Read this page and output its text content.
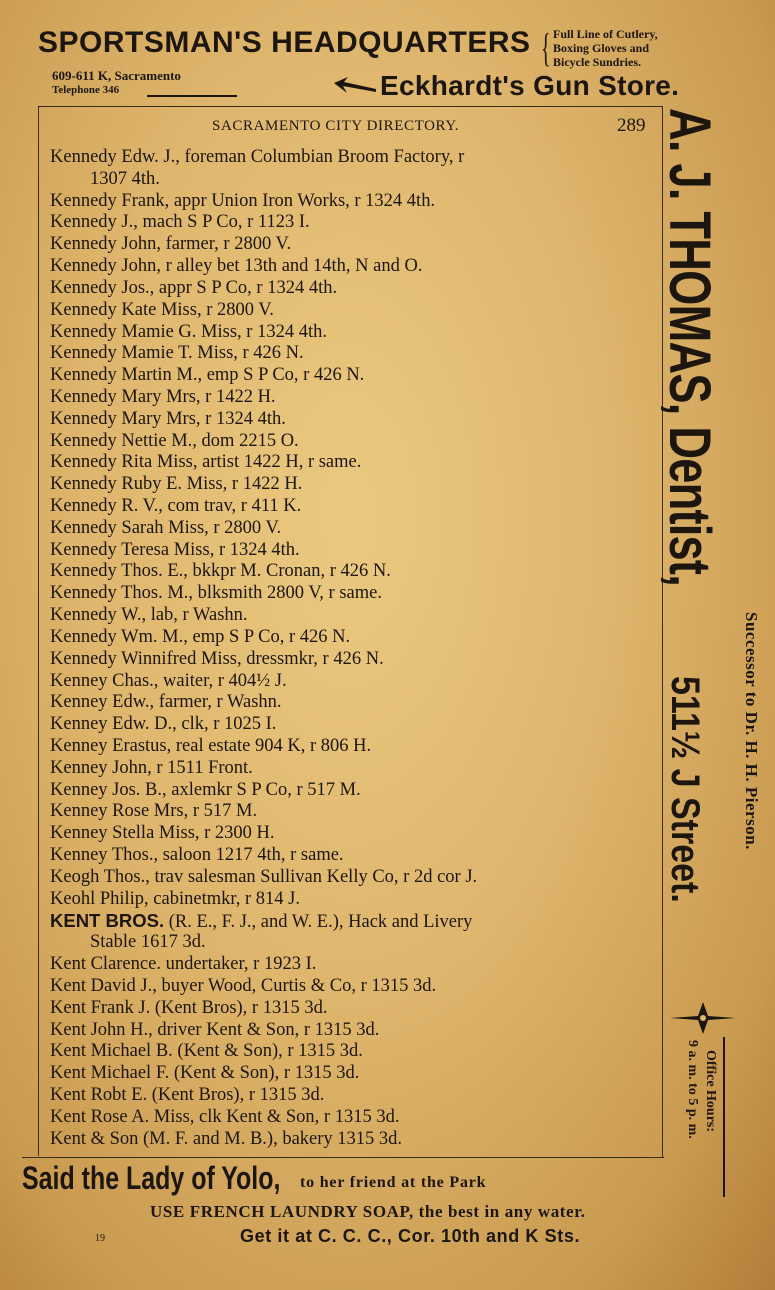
SPORTSMAN'S HEADQUARTERS { Full Line of Cutlery,
Boxing Gloves and
Bicycle Sundries.
609-611 K, Sacramento
Telephone 346	Eckhardt's Gun Store.
SACRAMENTO CITY DIRECTORY.	289
Kennedy Edw. J., foreman Columbian Broom Factory, r
1307 4th.
Kennedy Frank, appr Union Iron Works, r 1324 4th.
Kennedy J., mach S P Co, r 1123 I.
Kennedy John, farmer, r 2800 V.
Kennedy John, r alley bet 13th and 14th, N and O.
Kennedy Jos., appr S P Co, r 1324 4th.
Kennedy Kate Miss, r 2800 V.
Kennedy Mamie G. Miss, r 1324 4th.
Kennedy Mamie T. Miss, r 426 N.
Kennedy Martin M., emp S P Co, r 426 N.
Kennedy Mary Mrs, r 1422 H.
Kennedy Mary Mrs, r 1324 4th.
Kennedy Nettie M., dom 2215 O.
Kennedy Rita Miss, artist 1422 H, r same.
Kennedy Ruby E. Miss, r 1422 H.
Kennedy R. V., com trav, r 411 K.
Kennedy Sarah Miss, r 2800 V.
Kennedy Teresa Miss, r 1324 4th.
Kennedy Thos. E., bkkpr M. Cronan, r 426 N.
Kennedy Thos. M., blksmith 2800 V, r same.
Kennedy W., lab, r Washn.
Kennedy Wm. M., emp S P Co, r 426 N.
Kennedy Winnifred Miss, dressmkr, r 426 N.
Kenney Chas., waiter, r 404½ J.
Kenney Edw., farmer, r Washn.
Kenney Edw. D., clk, r 1025 I.
Kenney Erastus, real estate 904 K, r 806 H.
Kenney John, r 1511 Front.
Kenney Jos. B., axlemkr S P Co, r 517 M.
Kenney Rose Mrs, r 517 M.
Kenney Stella Miss, r 2300 H.
Kenney Thos., saloon 1217 4th, r same.
Keogh Thos., trav salesman Sullivan Kelly Co, r 2d cor J.
Keohl Philip, cabinetmkr, r 814 J.
KENT BROS. (R. E., F. J., and W. E.), Hack and Livery
Stable 1617 3d.
Kent Clarence. undertaker, r 1923 I.
Kent David J., buyer Wood, Curtis & Co, r 1315 3d.
Kent Frank J. (Kent Bros), r 1315 3d.
Kent John H., driver Kent & Son, r 1315 3d.
Kent Michael B. (Kent & Son), r 1315 3d.
Kent Michael F. (Kent & Son), r 1315 3d.
Kent Robt E. (Kent Bros), r 1315 3d.
Kent Rose A. Miss, clk Kent & Son, r 1315 3d.
Kent & Son (M. F. and M. B.), bakery 1315 3d.
A. J. THOMAS, Dentist,
511½ J Street. Successor to Dr. H. H. Pierson.
Office Hours:
9 a. m. to 5 p. m.
Said the Lady of Yolo, to her friend at the Park
USE FRENCH LAUNDRY SOAP, the best in any water.
Get it at C. C. C., Cor. 10th and K Sts.
19
